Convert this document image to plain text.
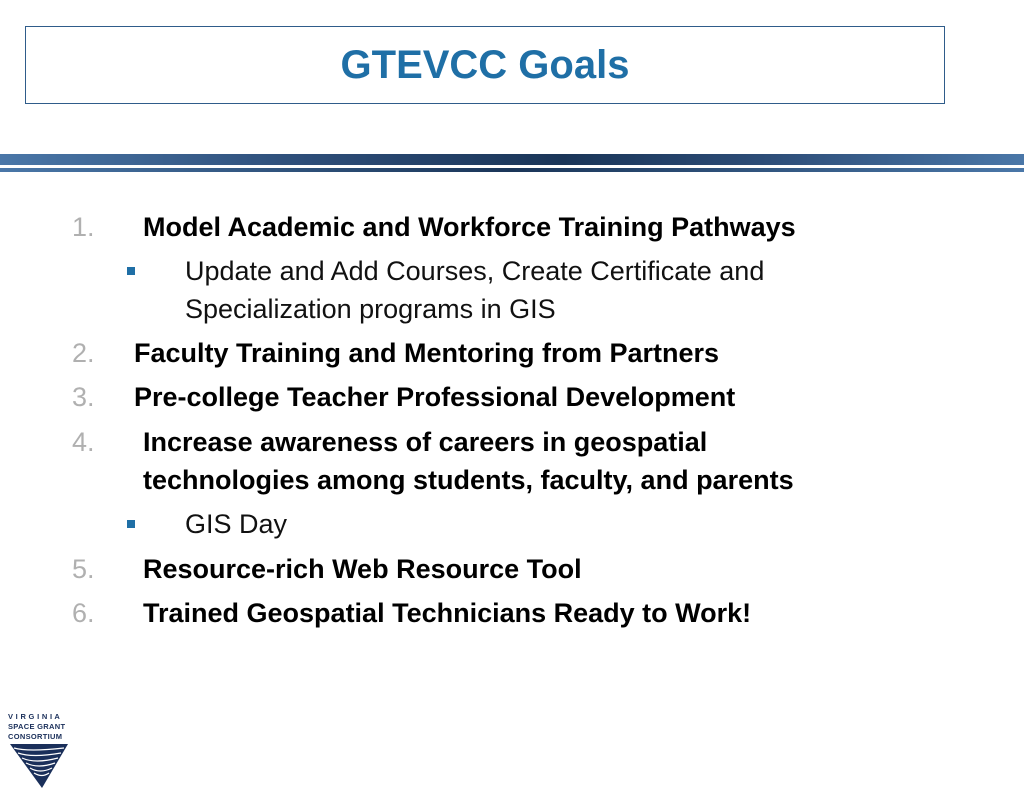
GTEVCC Goals
1. Model Academic and Workforce Training Pathways
Update and Add Courses, Create Certificate and
Specialization programs in GIS
2. Faculty Training and Mentoring from Partners
3. Pre-college Teacher Professional Development
4. Increase awareness of careers in geospatial
technologies among students, faculty, and parents
GIS Day
5. Resource-rich Web Resource Tool
6. Trained Geospatial Technicians Ready to Work!
V I R G I N I A
SPACE GRANT
CONSORTIUM
